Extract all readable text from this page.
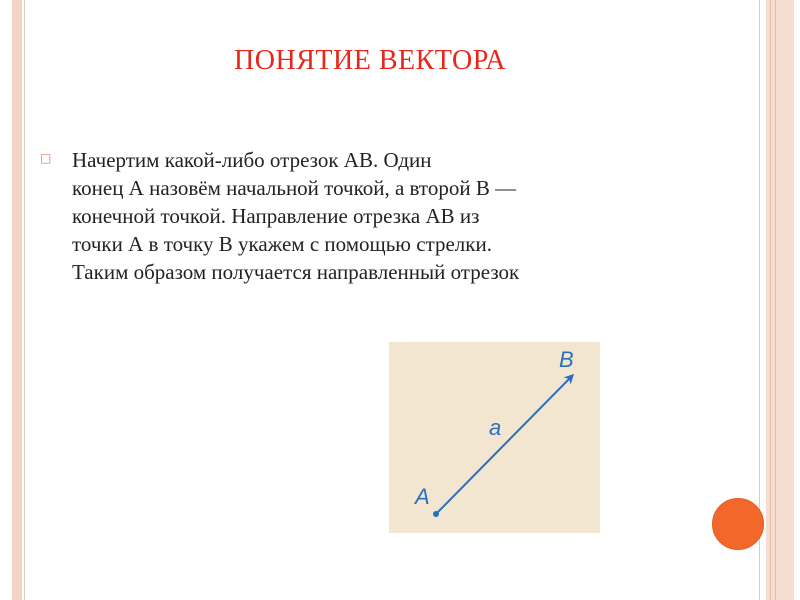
ПОНЯТИЕ ВЕКТОРА
□ Начертим какой-либо отрезок АВ. Один
конец А назовём начальной точкой, а второй В —
конечной точкой. Направление отрезка АВ из
точки А в точку В укажем с помощью стрелки.
Таким образом получается направленный отрезок
A
B
a
